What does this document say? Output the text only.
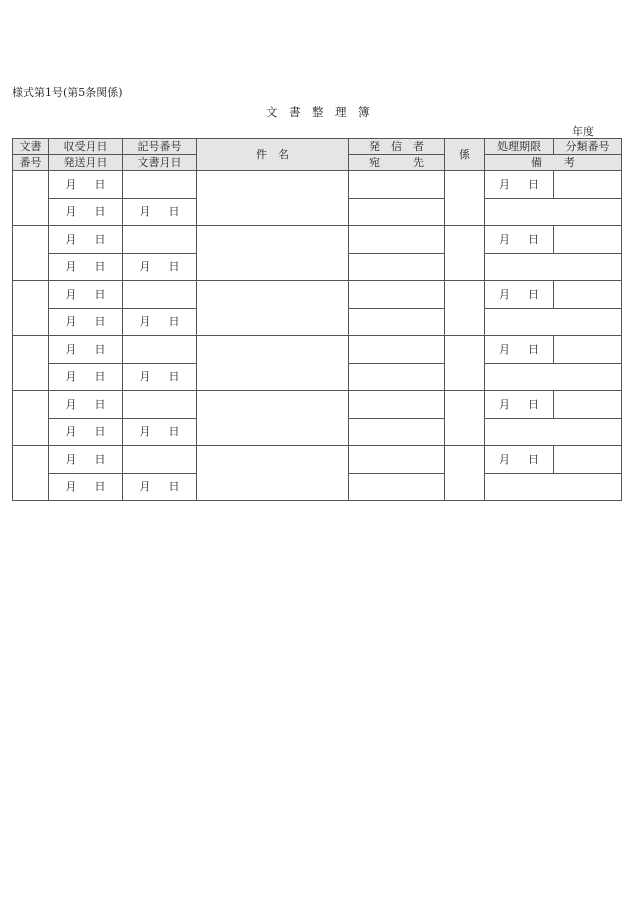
様式第1号(第5条関係)
文　書　整　理　簿
年度
文書	収受月日	記号番号	件　名	発　信　者	係	処理期限	分類番号
番号	発送月日	文書月日		宛　　　先		備　　考	
	月 日					月 日	
	月 日	月 日					
	月 日					月 日	
	月 日	月 日					
	月 日					月 日	
	月 日	月 日					
	月 日					月 日	
	月 日	月 日					
	月 日					月 日	
	月 日	月 日					
	月 日					月 日	
	月 日	月 日					
